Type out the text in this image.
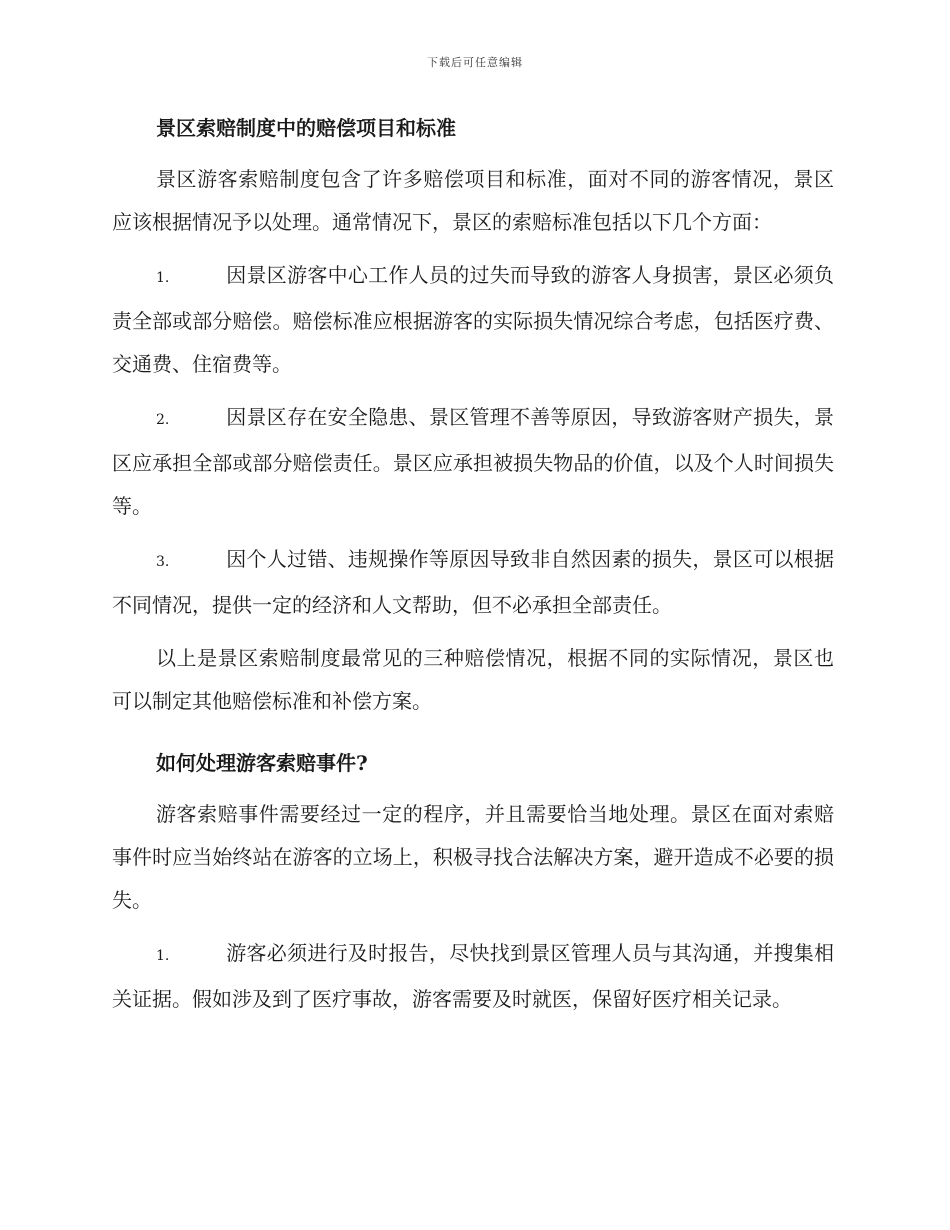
下载后可任意编辑
景区索赔制度中的赔偿项目和标准

景区游客索赔制度包含了许多赔偿项目和标准，面对不同的游客情况，景区应该根据情况予以处理。通常情况下，景区的索赔标准包括以下几个方面：

1.	因景区游客中心工作人员的过失而导致的游客人身损害，景区必须负责全部或部分赔偿。赔偿标准应根据游客的实际损失情况综合考虑，包括医疗费、交通费、住宿费等。

2.	因景区存在安全隐患、景区管理不善等原因，导致游客财产损失，景区应承担全部或部分赔偿责任。景区应承担被损失物品的价值，以及个人时间损失等。

3.	因个人过错、违规操作等原因导致非自然因素的损失，景区可以根据不同情况，提供一定的经济和人文帮助，但不必承担全部责任。

以上是景区索赔制度最常见的三种赔偿情况，根据不同的实际情况，景区也可以制定其他赔偿标准和补偿方案。

如何处理游客索赔事件?

游客索赔事件需要经过一定的程序，并且需要恰当地处理。景区在面对索赔事件时应当始终站在游客的立场上，积极寻找合法解决方案，避开造成不必要的损失。

1.	游客必须进行及时报告，尽快找到景区管理人员与其沟通，并搜集相关证据。假如涉及到了医疗事故，游客需要及时就医，保留好医疗相关记录。
